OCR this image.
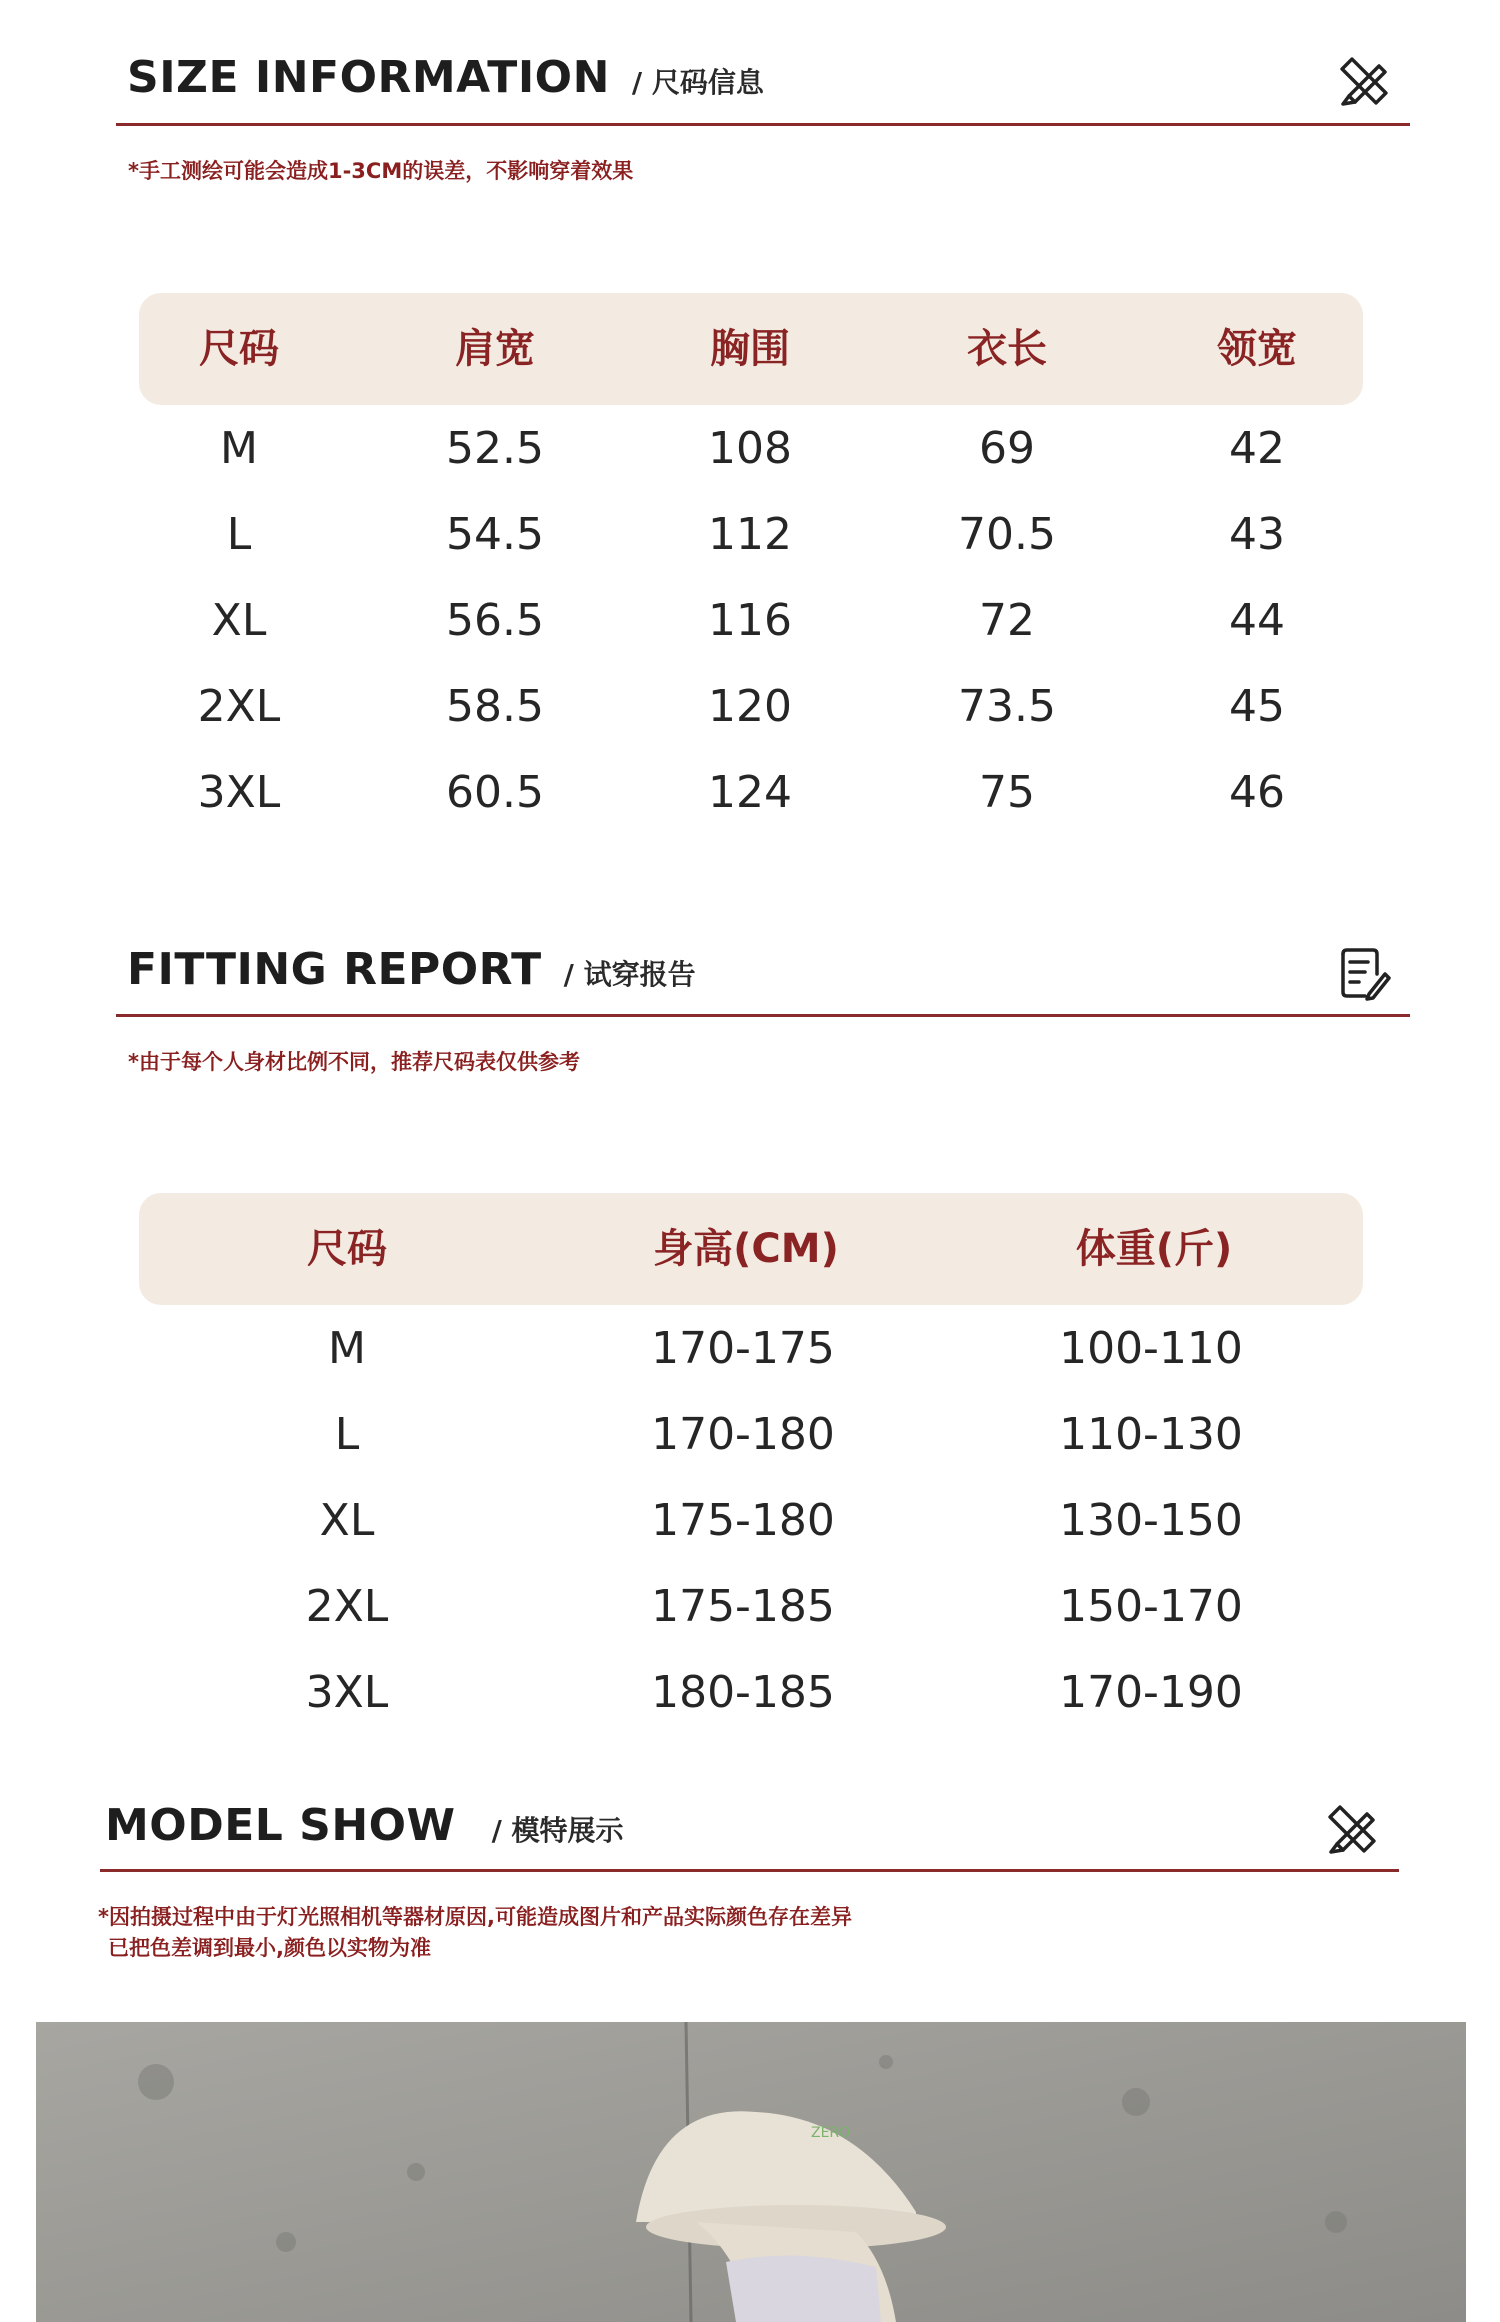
SIZE INFORMATION / 尺码信息
*手工测绘可能会造成1-3CM的误差，不影响穿着效果
尺码	肩宽	胸围	衣长	领宽
M	52.5	108	69	42
L	54.5	112	70.5	43
XL	56.5	116	72	44
2XL	58.5	120	73.5	45
3XL	60.5	124	75	46
FITTING REPORT / 试穿报告
*由于每个人身材比例不同，推荐尺码表仅供参考
尺码	身高(CM)	体重(斤)
M	170-175	100-110
L	170-180	110-130
XL	175-180	130-150
2XL	175-185	150-170
3XL	180-185	170-190
MODEL SHOW / 模特展示
*因拍摄过程中由于灯光照相机等器材原因,可能造成图片和产品实际颜色存在差异
已把色差调到最小,颜色以实物为准
ZERO
